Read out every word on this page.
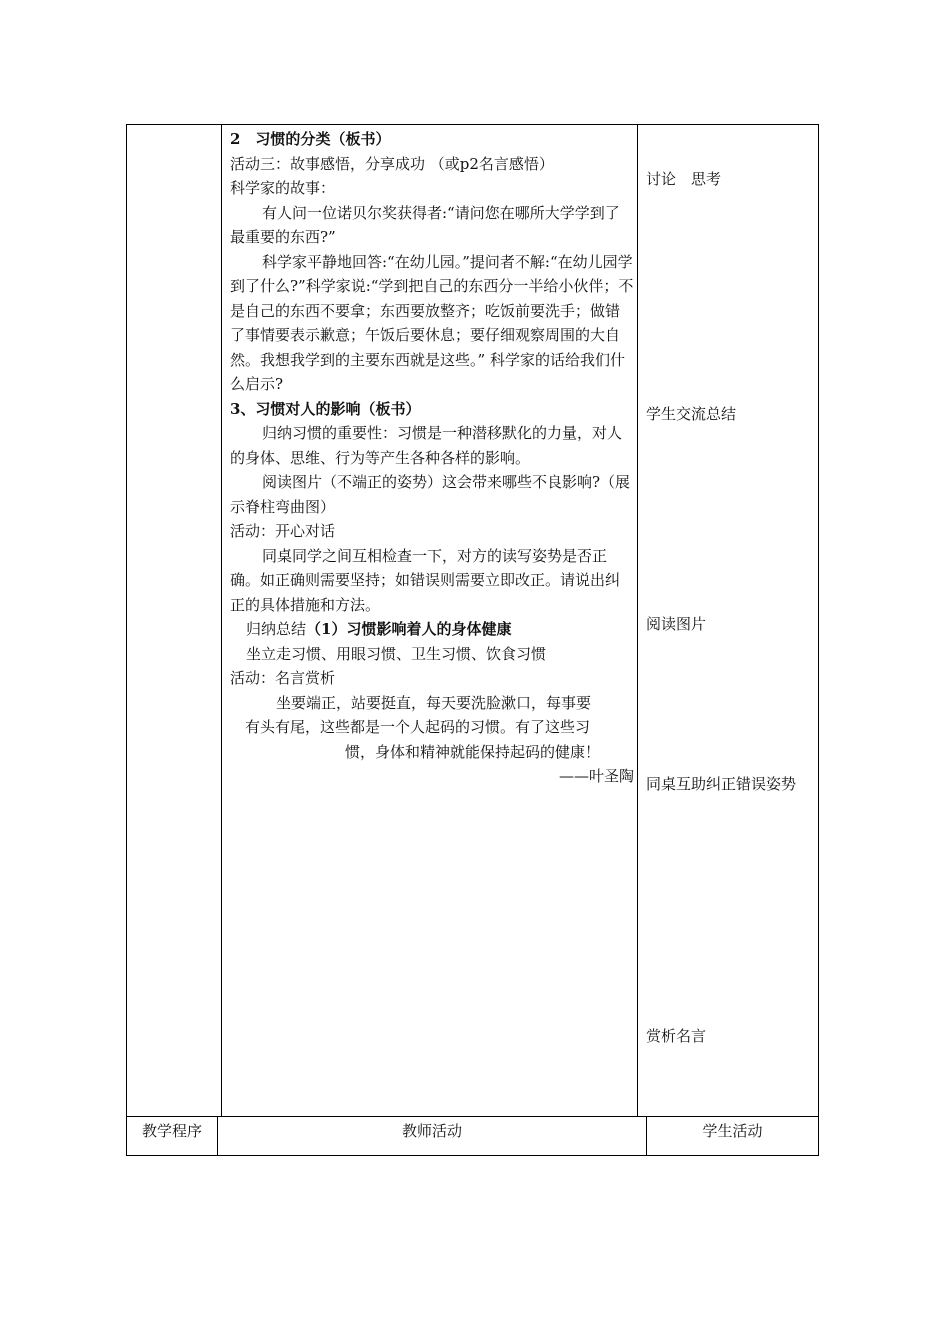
2　习惯的分类（板书）

活动三：故事感悟，分享成功 （或p2名言感悟）

科学家的故事：

有人问一位诺贝尔奖获得者:“请问您在哪所大学学到了最重要的东西?”

科学家平静地回答:“在幼儿园。”提问者不解:“在幼儿园学到了什么?”科学家说:“学到把自己的东西分一半给小伙伴；不是自己的东西不要拿；东西要放整齐；吃饭前要洗手；做错了事情要表示歉意；午饭后要休息；要仔细观察周围的大自然。我想我学到的主要东西就是这些。” 科学家的话给我们什么启示?

3、习惯对人的影响（板书）

归纳习惯的重要性：习惯是一种潜移默化的力量，对人的身体、思维、行为等产生各种各样的影响。

阅读图片（不端正的姿势）这会带来哪些不良影响?（展示脊柱弯曲图）

活动：开心对话

同桌同学之间互相检查一下，对方的读写姿势是否正确。如正确则需要坚持；如错误则需要立即改正。请说出纠正的具体措施和方法。

归纳总结（1）习惯影响着人的身体健康

坐立走习惯、用眼习惯、卫生习惯、饮食习惯

活动：名言赏析

坐要端正，站要挺直，每天要洗脸漱口，每事要

有头有尾，这些都是一个人起码的习惯。有了这些习

惯，身体和精神就能保持起码的健康！

——叶圣陶

讨论　思考
学生交流总结
阅读图片
同桌互助纠正错误姿势
赏析名言
教学程序	教师活动	学生活动
